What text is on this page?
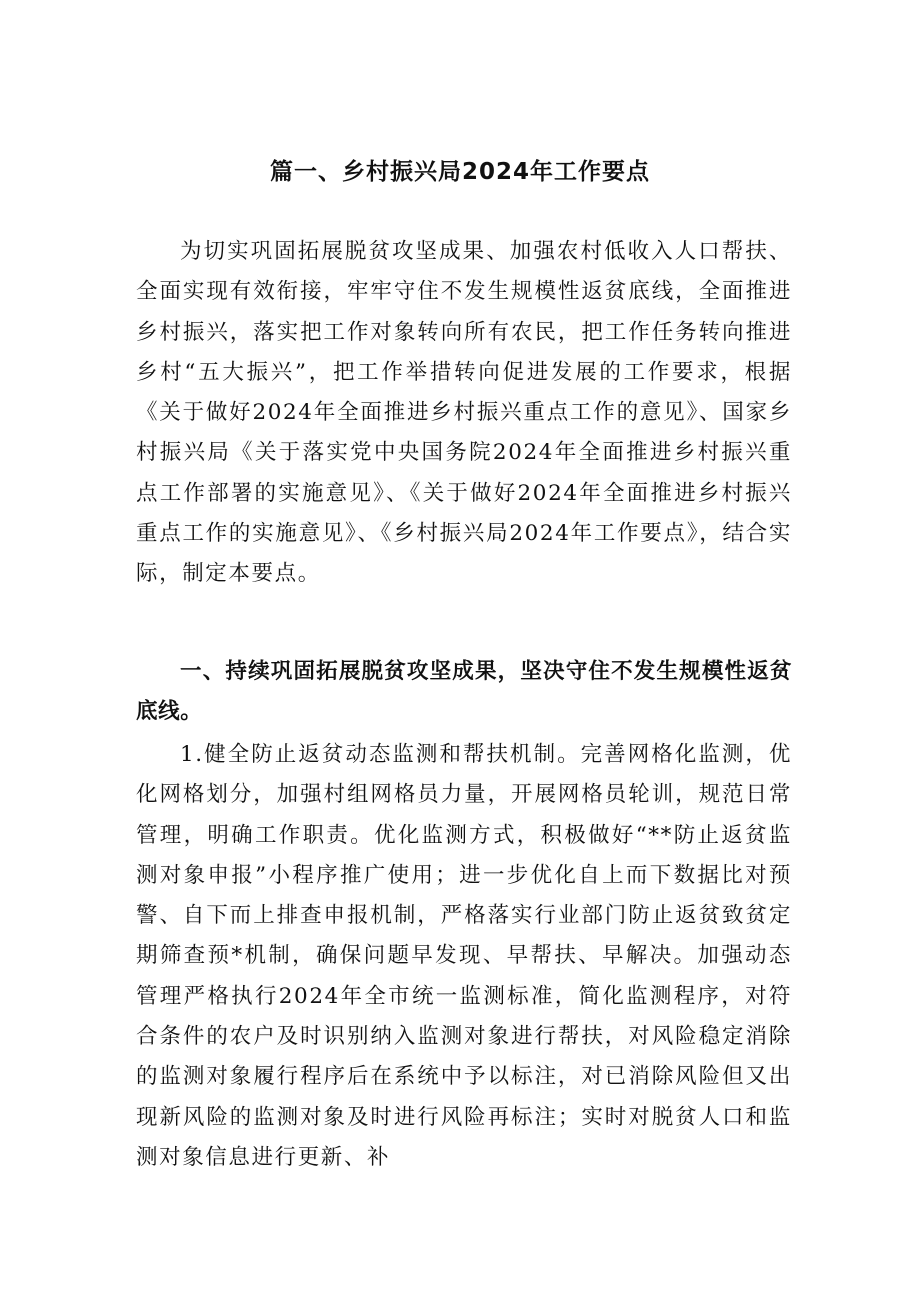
篇一、乡村振兴局2024年工作要点

为切实巩固拓展脱贫攻坚成果、加强农村低收入人口帮扶、全面实现有效衔接，牢牢守住不发生规模性返贫底线，全面推进乡村振兴，落实把工作对象转向所有农民，把工作任务转向推进乡村“五大振兴”，把工作举措转向促进发展的工作要求，根据《关于做好2024年全面推进乡村振兴重点工作的意见》、国家乡村振兴局《关于落实党中央国务院2024年全面推进乡村振兴重点工作部署的实施意见》、《关于做好2024年全面推进乡村振兴重点工作的实施意见》、《乡村振兴局2024年工作要点》，结合实际，制定本要点。

一、持续巩固拓展脱贫攻坚成果，坚决守住不发生规模性返贫底线。

1.健全防止返贫动态监测和帮扶机制。完善网格化监测，优化网格划分，加强村组网格员力量，开展网格员轮训，规范日常管理，明确工作职责。优化监测方式，积极做好“**防止返贫监测对象申报”小程序推广使用；进一步优化自上而下数据比对预警、自下而上排查申报机制，严格落实行业部门防止返贫致贫定期筛查预*机制，确保问题早发现、早帮扶、早解决。加强动态管理严格执行2024年全市统一监测标准，简化监测程序，对符合条件的农户及时识别纳入监测对象进行帮扶，对风险稳定消除的监测对象履行程序后在系统中予以标注，对已消除风险但又出现新风险的监测对象及时进行风险再标注；实时对脱贫人口和监测对象信息进行更新、补
